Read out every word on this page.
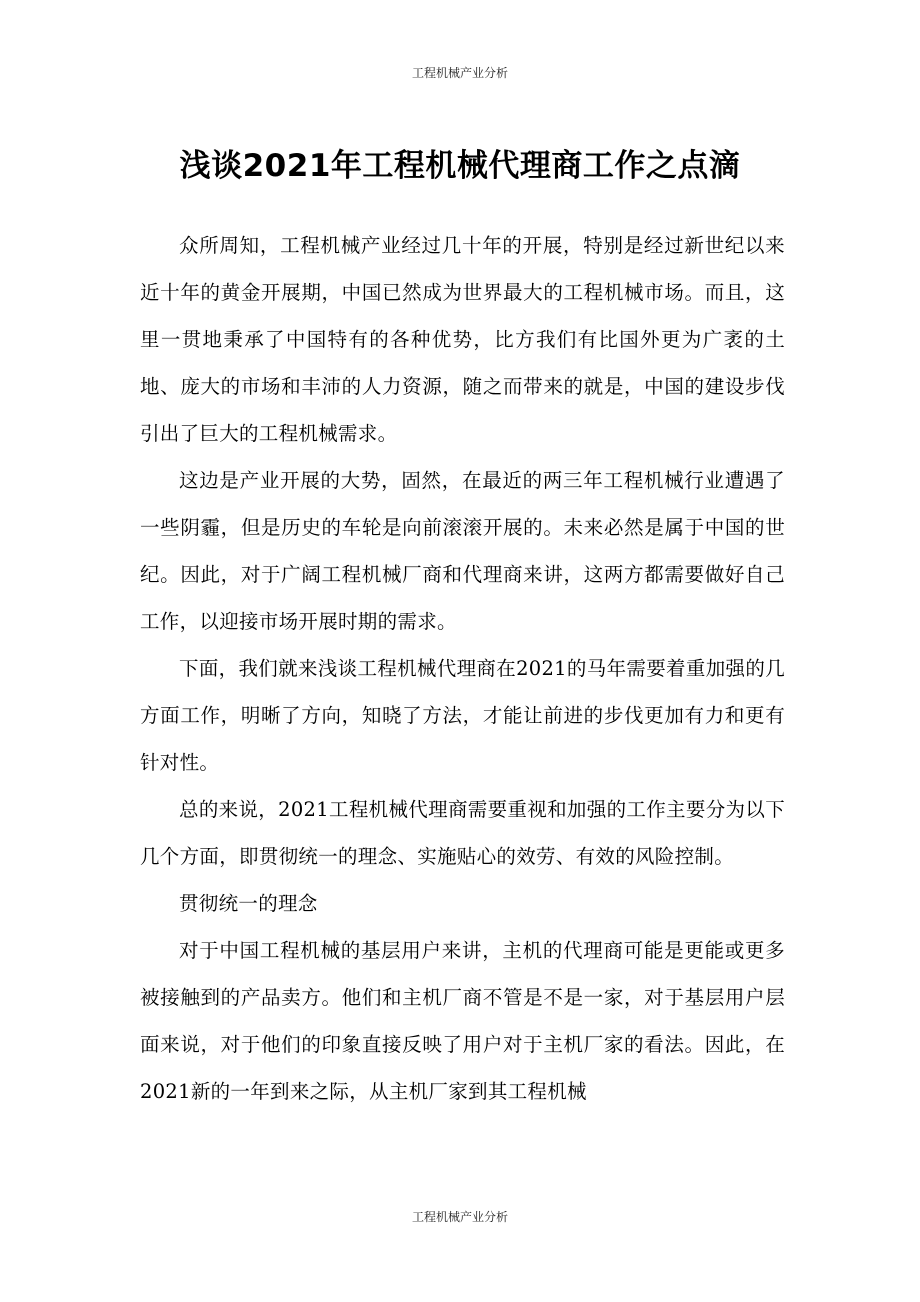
工程机械产业分析
浅谈2021年工程机械代理商工作之点滴

众所周知，工程机械产业经过几十年的开展，特别是经过新世纪以来近十年的黄金开展期，中国已然成为世界最大的工程机械市场。而且，这里一贯地秉承了中国特有的各种优势，比方我们有比国外更为广袤的土地、庞大的市场和丰沛的人力资源，随之而带来的就是，中国的建设步伐引出了巨大的工程机械需求。

这边是产业开展的大势，固然，在最近的两三年工程机械行业遭遇了一些阴霾，但是历史的车轮是向前滚滚开展的。未来必然是属于中国的世纪。因此，对于广阔工程机械厂商和代理商来讲，这两方都需要做好自己工作，以迎接市场开展时期的需求。

下面，我们就来浅谈工程机械代理商在2021的马年需要着重加强的几方面工作，明晰了方向，知晓了方法，才能让前进的步伐更加有力和更有针对性。

总的来说，2021工程机械代理商需要重视和加强的工作主要分为以下几个方面，即贯彻统一的理念、实施贴心的效劳、有效的风险控制。

贯彻统一的理念

对于中国工程机械的基层用户来讲，主机的代理商可能是更能或更多被接触到的产品卖方。他们和主机厂商不管是不是一家，对于基层用户层面来说，对于他们的印象直接反映了用户对于主机厂家的看法。因此，在2021新的一年到来之际，从主机厂家到其工程机械

工程机械产业分析
